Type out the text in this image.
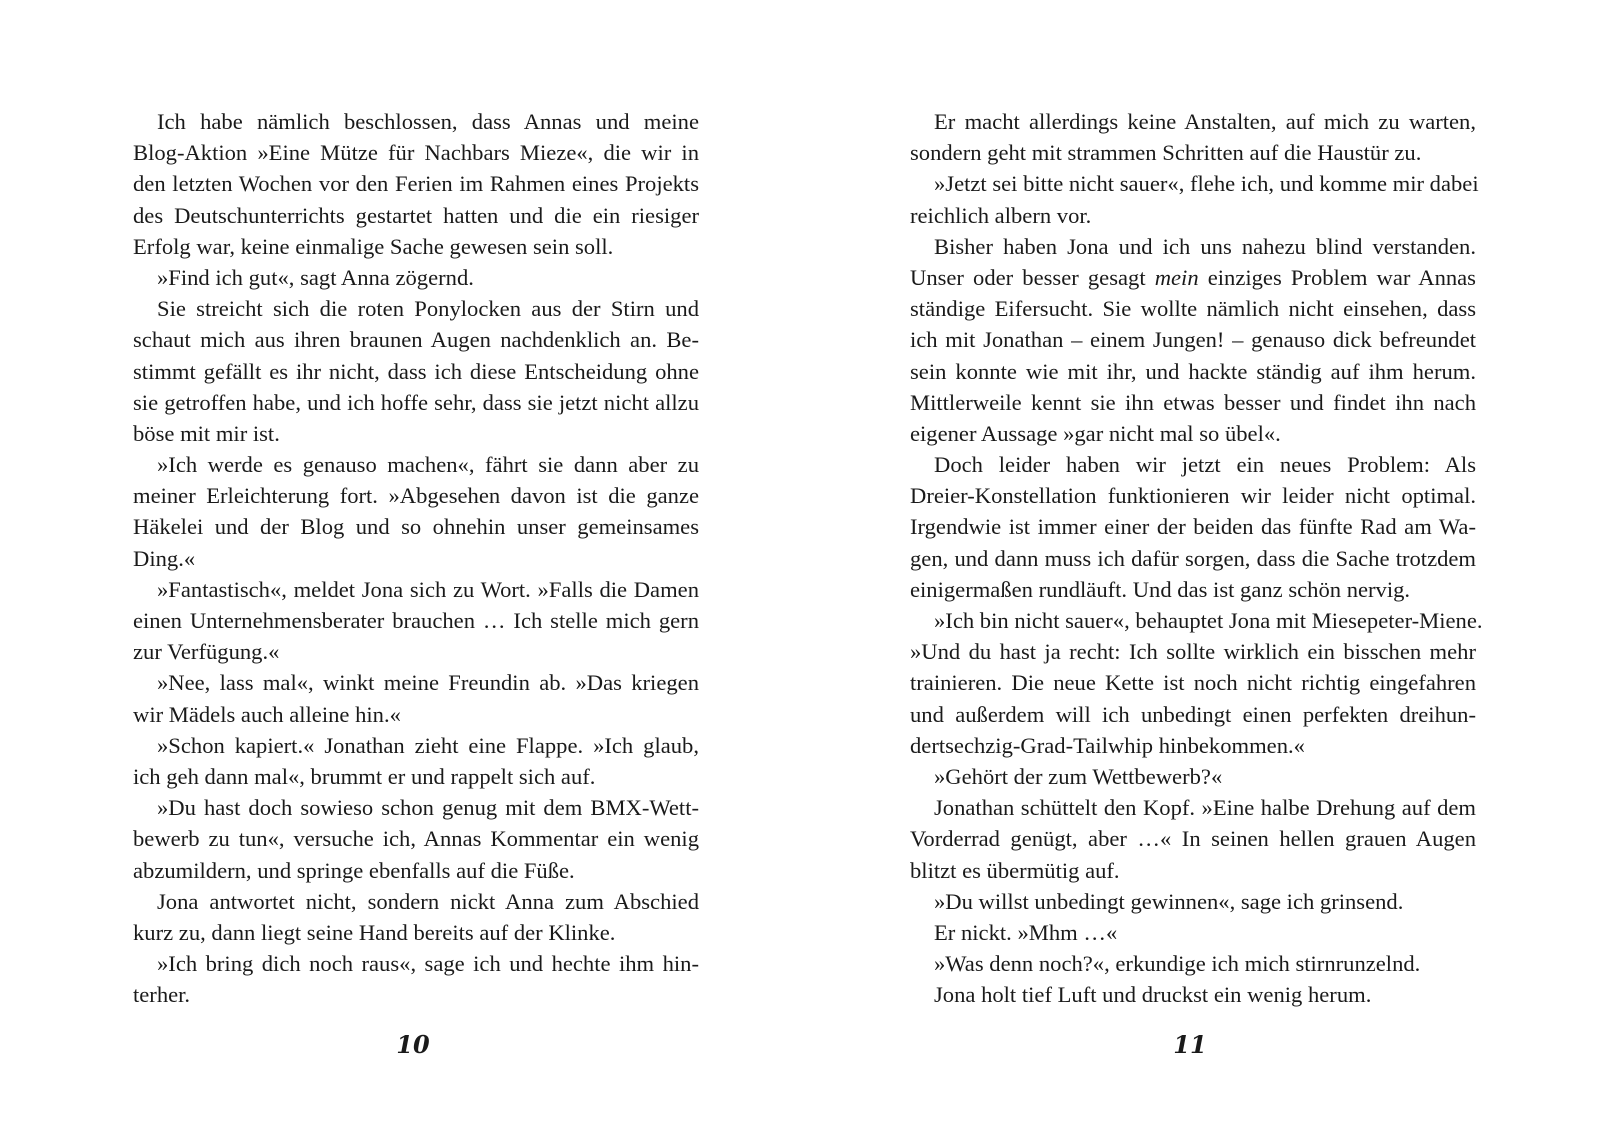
Ich habe nämlich beschlossen, dass Annas und meine
Blog-Aktion »Eine Mütze für Nachbars Mieze«, die wir in
den letzten Wochen vor den Ferien im Rahmen eines Projekts
des Deutschunterrichts gestartet hatten und die ein riesiger
Erfolg war, keine einmalige Sache gewesen sein soll.
»Find ich gut«, sagt Anna zögernd.
Sie streicht sich die roten Ponylocken aus der Stirn und
schaut mich aus ihren braunen Augen nachdenklich an. Be-
stimmt gefällt es ihr nicht, dass ich diese Entscheidung ohne
sie getroffen habe, und ich hoffe sehr, dass sie jetzt nicht allzu
böse mit mir ist.
»Ich werde es genauso machen«, fährt sie dann aber zu
meiner Erleichterung fort. »Abgesehen davon ist die ganze
Häkelei und der Blog und so ohnehin unser gemeinsames
Ding.«
»Fantastisch«, meldet Jona sich zu Wort. »Falls die Damen
einen Unternehmensberater brauchen … Ich stelle mich gern
zur Verfügung.«
»Nee, lass mal«, winkt meine Freundin ab. »Das kriegen
wir Mädels auch alleine hin.«
»Schon kapiert.« Jonathan zieht eine Flappe. »Ich glaub,
ich geh dann mal«, brummt er und rappelt sich auf.
»Du hast doch sowieso schon genug mit dem BMX-Wett-
bewerb zu tun«, versuche ich, Annas Kommentar ein wenig
abzumildern, und springe ebenfalls auf die Füße.
Jona antwortet nicht, sondern nickt Anna zum Abschied
kurz zu, dann liegt seine Hand bereits auf der Klinke.
»Ich bring dich noch raus«, sage ich und hechte ihm hin-
terher.
Er macht allerdings keine Anstalten, auf mich zu warten,
sondern geht mit strammen Schritten auf die Haustür zu.
»Jetzt sei bitte nicht sauer«, flehe ich, und komme mir dabei
reichlich albern vor.
Bisher haben Jona und ich uns nahezu blind verstanden.
Unser oder besser gesagt mein einziges Problem war Annas
ständige Eifersucht. Sie wollte nämlich nicht einsehen, dass
ich mit Jonathan – einem Jungen! – genauso dick befreundet
sein konnte wie mit ihr, und hackte ständig auf ihm herum.
Mittlerweile kennt sie ihn etwas besser und findet ihn nach
eigener Aussage »gar nicht mal so übel«.
Doch leider haben wir jetzt ein neues Problem: Als
Dreier-Konstellation funktionieren wir leider nicht optimal.
Irgendwie ist immer einer der beiden das fünfte Rad am Wa-
gen, und dann muss ich dafür sorgen, dass die Sache trotzdem
einigermaßen rundläuft. Und das ist ganz schön nervig.
»Ich bin nicht sauer«, behauptet Jona mit Miesepeter-Miene.
»Und du hast ja recht: Ich sollte wirklich ein bisschen mehr
trainieren. Die neue Kette ist noch nicht richtig eingefahren
und außerdem will ich unbedingt einen perfekten dreihun-
dertsechzig-Grad-Tailwhip hinbekommen.«
»Gehört der zum Wettbewerb?«
Jonathan schüttelt den Kopf. »Eine halbe Drehung auf dem
Vorderrad genügt, aber …« In seinen hellen grauen Augen
blitzt es übermütig auf.
»Du willst unbedingt gewinnen«, sage ich grinsend.
Er nickt. »Mhm …«
»Was denn noch?«, erkundige ich mich stirnrunzelnd.
Jona holt tief Luft und druckst ein wenig herum.
10	11
